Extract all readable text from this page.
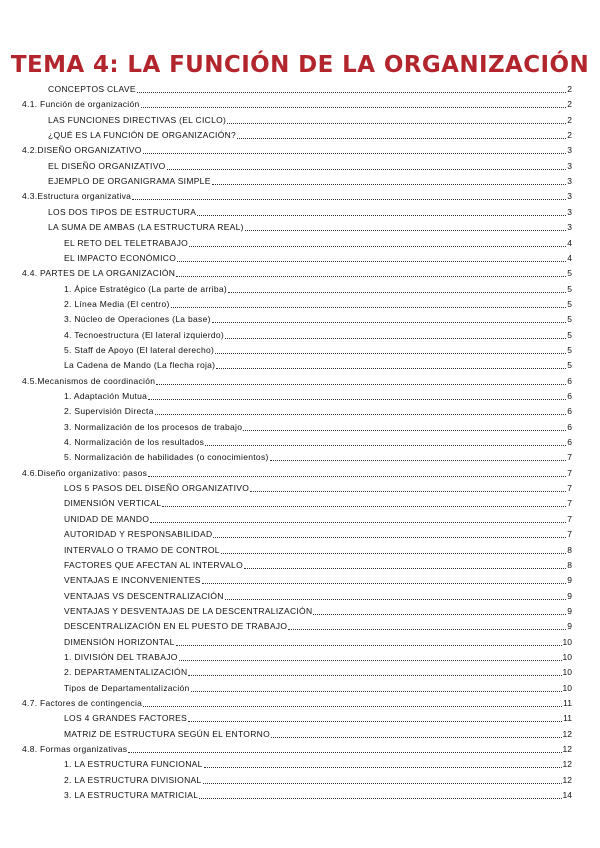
TEMA 4: LA FUNCIÓN DE LA ORGANIZACIÓN
CONCEPTOS CLAVE	2
4.1. Función de organización	2
LAS FUNCIONES DIRECTIVAS (EL CICLO)	2
¿QUÉ ES LA FUNCIÓN DE ORGANIZACIÓN?	2
4.2.DISEÑO ORGANIZATIVO	3
EL DISEÑO ORGANIZATIVO	3
EJEMPLO DE ORGANIGRAMA SIMPLE	3
4.3.Estructura organizativa	3
LOS DOS TIPOS DE ESTRUCTURA	3
LA SUMA DE AMBAS (LA ESTRUCTURA REAL)	3
EL RETO DEL TELETRABAJO	4
EL IMPACTO ECONÓMICO	4
4.4. PARTES DE LA ORGANIZACIÓN	5
1. Ápice Estratégico (La parte de arriba)	5
2. Línea Media (El centro)	5
3. Núcleo de Operaciones (La base)	5
4. Tecnoestructura (El lateral izquierdo)	5
5. Staff de Apoyo (El lateral derecho)	5
La Cadena de Mando (La flecha roja)	5
4.5.Mecanismos de coordinación	6
1. Adaptación Mutua	6
2. Supervisión Directa	6
3. Normalización de los procesos de trabajo	6
4. Normalización de los resultados	6
5. Normalización de habilidades (o conocimientos)	7
4.6.Diseño organizativo: pasos	7
LOS 5 PASOS DEL DISEÑO ORGANIZATIVO	7
DIMENSIÓN VERTICAL	7
UNIDAD DE MANDO	7
AUTORIDAD Y RESPONSABILIDAD	7
INTERVALO O TRAMO DE CONTROL	8
FACTORES QUE AFECTAN AL INTERVALO	8
VENTAJAS E INCONVENIENTES	9
VENTAJAS VS DESCENTRALIZACIÓN	9
VENTAJAS Y DESVENTAJAS DE LA DESCENTRALIZACIÓN	9
DESCENTRALIZACIÓN EN EL PUESTO DE TRABAJO	9
DIMENSIÓN HORIZONTAL	10
1. DIVISIÓN DEL TRABAJO	10
2. DEPARTAMENTALIZACIÓN	10
Tipos de Departamentalización	10
4.7. Factores de contingencia	11
LOS 4 GRANDES FACTORES	11
MATRIZ DE ESTRUCTURA SEGÚN EL ENTORNO	12
4.8. Formas organizativas	12
1. LA ESTRUCTURA FUNCIONAL	12
2. LA ESTRUCTURA DIVISIONAL	12
3. LA ESTRUCTURA MATRICIAL	14
